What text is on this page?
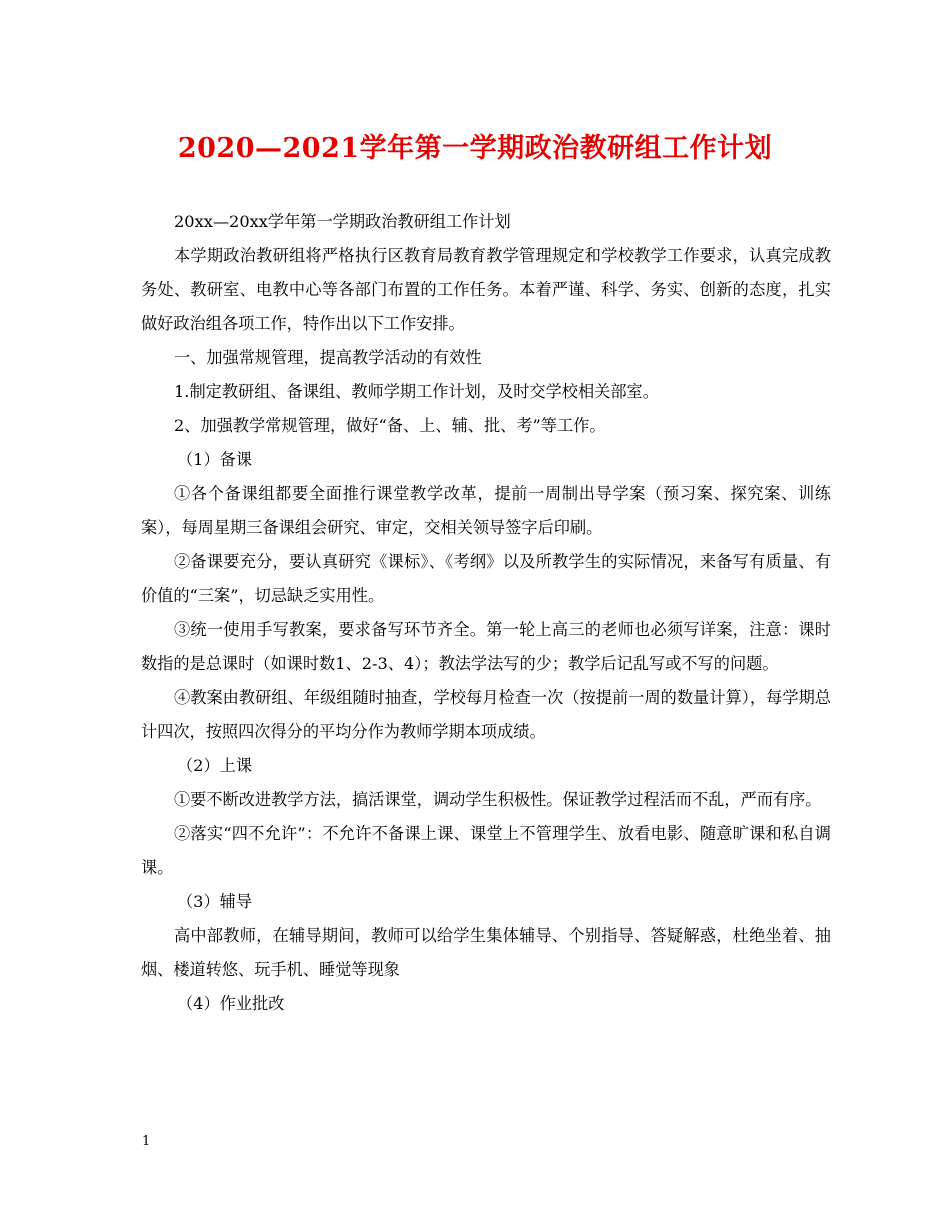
2020—2021学年第一学期政治教研组工作计划

20xx—20xx学年第一学期政治教研组工作计划

本学期政治教研组将严格执行区教育局教育教学管理规定和学校教学工作要求，认真完成教务处、教研室、电教中心等各部门布置的工作任务。本着严谨、科学、务实、创新的态度，扎实做好政治组各项工作，特作出以下工作安排。

一、加强常规管理，提高教学活动的有效性

1.制定教研组、备课组、教师学期工作计划，及时交学校相关部室。

2、加强教学常规管理，做好“备、上、辅、批、考”等工作。

（1）备课

①各个备课组都要全面推行课堂教学改革，提前一周制出导学案（预习案、探究案、训练案），每周星期三备课组会研究、审定，交相关领导签字后印刷。

②备课要充分，要认真研究《课标》、《考纲》以及所教学生的实际情况，来备写有质量、有价值的“三案”，切忌缺乏实用性。

③统一使用手写教案，要求备写环节齐全。第一轮上高三的老师也必须写详案，注意：课时数指的是总课时（如课时数1、2-3、4）；教法学法写的少；教学后记乱写或不写的问题。

④教案由教研组、年级组随时抽查，学校每月检查一次（按提前一周的数量计算），每学期总计四次，按照四次得分的平均分作为教师学期本项成绩。

（2）上课

①要不断改进教学方法，搞活课堂，调动学生积极性。保证教学过程活而不乱，严而有序。

②落实“四不允许”：不允许不备课上课、课堂上不管理学生、放看电影、随意旷课和私自调课。

（3）辅导

高中部教师，在辅导期间，教师可以给学生集体辅导、个别指导、答疑解惑，杜绝坐着、抽烟、楼道转悠、玩手机、睡觉等现象

（4）作业批改

1
